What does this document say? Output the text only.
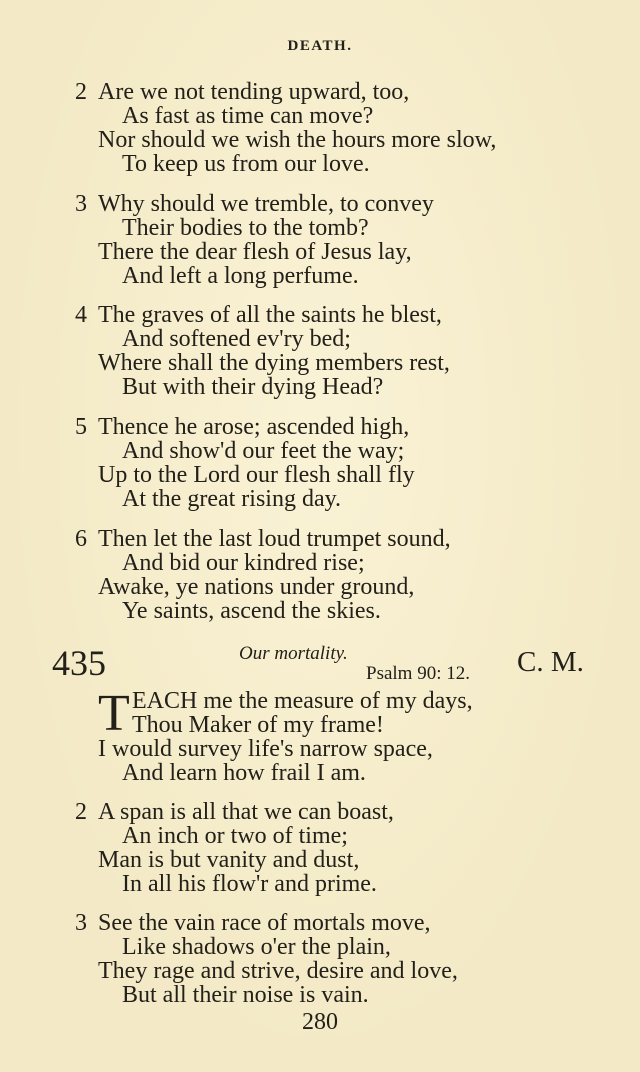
DEATH.
2 Are we not tending upward, too,
As fast as time can move?
Nor should we wish the hours more slow,
To keep us from our love.
3 Why should we tremble, to convey
Their bodies to the tomb?
There the dear flesh of Jesus lay,
And left a long perfume.
4 The graves of all the saints he blest,
And softened ev'ry bed;
Where shall the dying members rest,
But with their dying Head?
5 Thence he arose; ascended high,
And show'd our feet the way;
Up to the Lord our flesh shall fly
At the great rising day.
6 Then let the last loud trumpet sound,
And bid our kindred rise;
Awake, ye nations under ground,
Ye saints, ascend the skies.
435	Our mortality.
Psalm 90: 12. C. M.
T EACH me the measure of my days,
Thou Maker of my frame!
I would survey life's narrow space,
And learn how frail I am.
2 A span is all that we can boast,
An inch or two of time;
Man is but vanity and dust,
In all his flow'r and prime.
3 See the vain race of mortals move,
Like shadows o'er the plain,
They rage and strive, desire and love,
But all their noise is vain.
280
